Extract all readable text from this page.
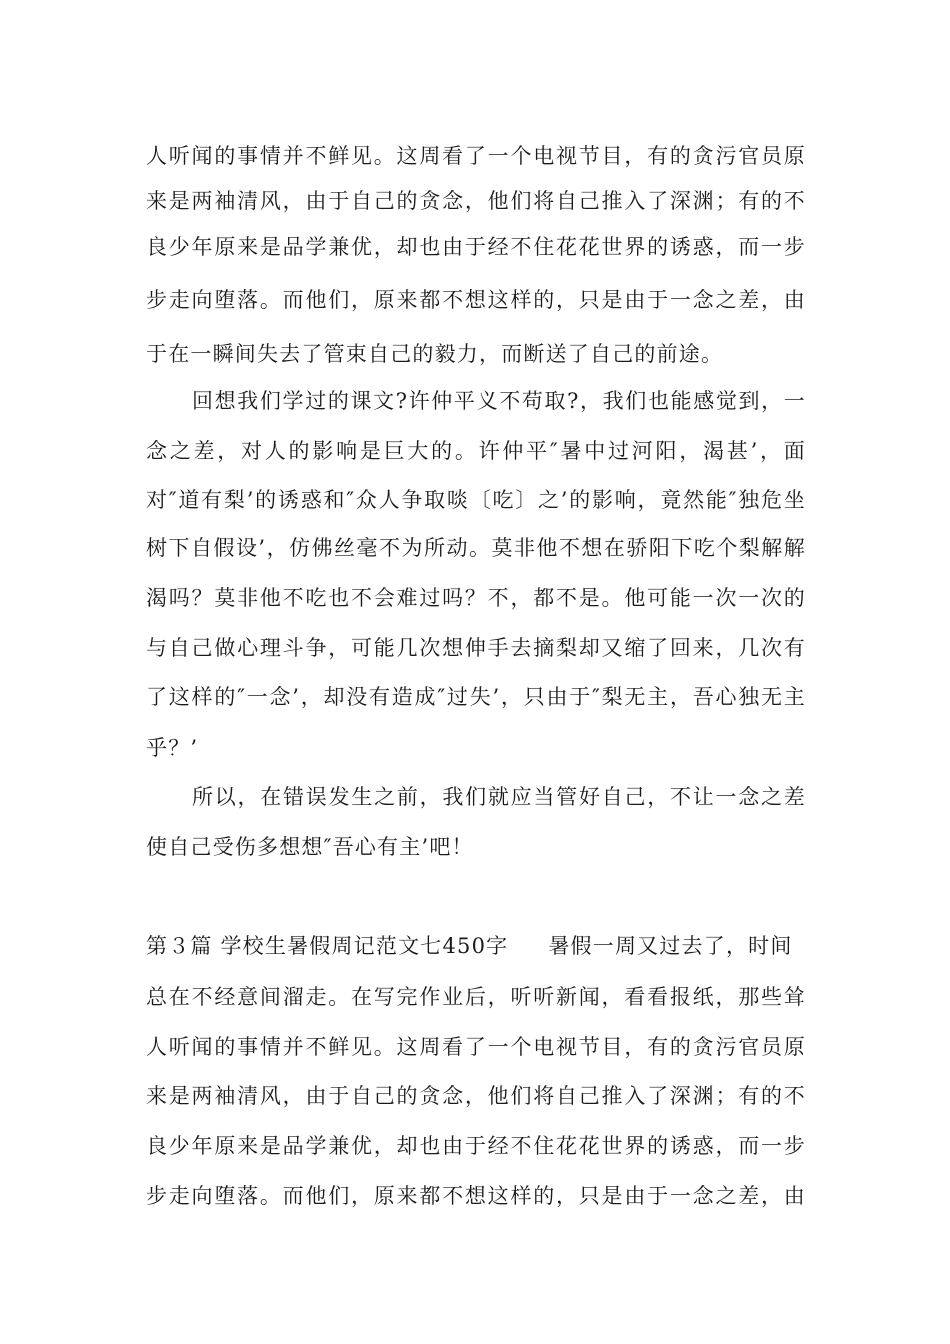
人听闻的事情并不鲜见。这周看了一个电视节目，有的贪污官员原
来是两袖清风，由于自己的贪念，他们将自己推入了深渊；有的不
良少年原来是品学兼优，却也由于经不住花花世界的诱惑，而一步
步走向堕落。而他们，原来都不想这样的，只是由于一念之差，由
于在一瞬间失去了管束自己的毅力，而断送了自己的前途。
回想我们学过的课文?许仲平义不苟取?，我们也能感觉到，一
念之差，对人的影响是巨大的。许仲平″暑中过河阳，渴甚’，面
对″道有梨’的诱惑和″众人争取啖〔吃〕之’的影响，竟然能″独危坐
树下自假设’，仿佛丝毫不为所动。莫非他不想在骄阳下吃个梨解解
渴吗？莫非他不吃也不会难过吗？不，都不是。他可能一次一次的
与自己做心理斗争，可能几次想伸手去摘梨却又缩了回来，几次有
了这样的″一念’，却没有造成″过失’，只由于″梨无主，吾心独无主
乎？’
所以，在错误发生之前，我们就应当管好自己，不让一念之差
使自己受伤多想想″吾心有主’吧！
第３篇 学校生暑假周记范文七450字 暑假一周又过去了，时间
总在不经意间溜走。在写完作业后，听听新闻，看看报纸，那些耸
人听闻的事情并不鲜见。这周看了一个电视节目，有的贪污官员原
来是两袖清风，由于自己的贪念，他们将自己推入了深渊；有的不
良少年原来是品学兼优，却也由于经不住花花世界的诱惑，而一步
步走向堕落。而他们，原来都不想这样的，只是由于一念之差，由
